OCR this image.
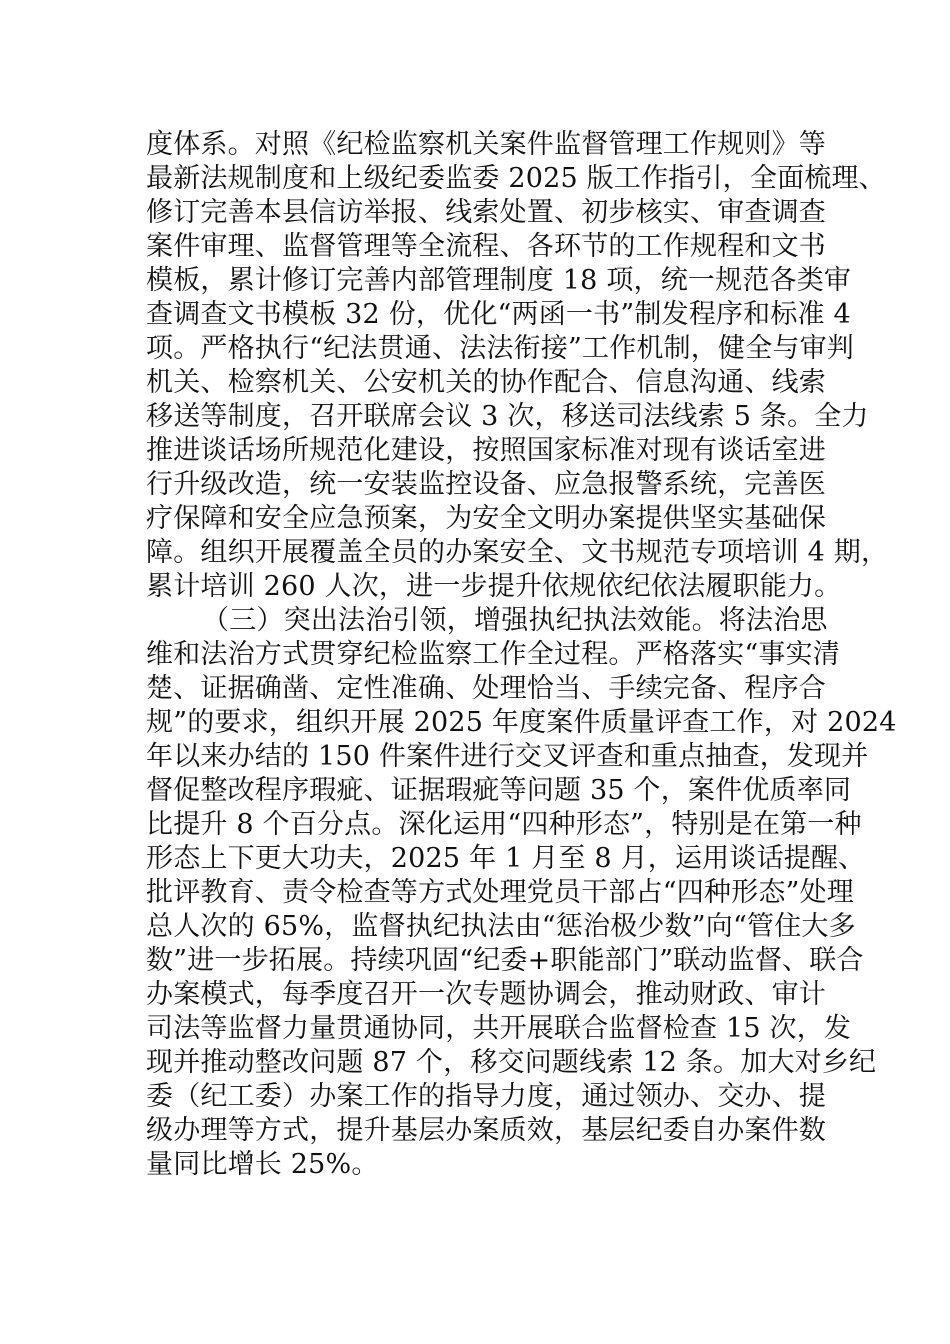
度体系。对照《纪检监察机关案件监督管理工作规则》等
最新法规制度和上级纪委监委 2025 版工作指引，全面梳理、
修订完善本县信访举报、线索处置、初步核实、审查调查
案件审理、监督管理等全流程、各环节的工作规程和文书
模板，累计修订完善内部管理制度 18 项，统一规范各类审
查调查文书模板 32 份，优化“两函一书”制发程序和标准 4
项。严格执行“纪法贯通、法法衔接”工作机制，健全与审判
机关、检察机关、公安机关的协作配合、信息沟通、线索
移送等制度，召开联席会议 3 次，移送司法线索 5 条。全力
推进谈话场所规范化建设，按照国家标准对现有谈话室进
行升级改造，统一安装监控设备、应急报警系统，完善医
疗保障和安全应急预案，为安全文明办案提供坚实基础保
障。组织开展覆盖全员的办案安全、文书规范专项培训 4 期，
累计培训 260 人次，进一步提升依规依纪依法履职能力。
（三）突出法治引领，增强执纪执法效能。将法治思
维和法治方式贯穿纪检监察工作全过程。严格落实“事实清
楚、证据确凿、定性准确、处理恰当、手续完备、程序合
规”的要求，组织开展 2025 年度案件质量评查工作，对 2024
年以来办结的 150 件案件进行交叉评查和重点抽查，发现并
督促整改程序瑕疵、证据瑕疵等问题 35 个，案件优质率同
比提升 8 个百分点。深化运用“四种形态”，特别是在第一种
形态上下更大功夫，2025 年 1 月至 8 月，运用谈话提醒、
批评教育、责令检查等方式处理党员干部占“四种形态”处理
总人次的 65%，监督执纪执法由“惩治极少数”向“管住大多
数”进一步拓展。持续巩固“纪委+职能部门”联动监督、联合
办案模式，每季度召开一次专题协调会，推动财政、审计
司法等监督力量贯通协同，共开展联合监督检查 15 次，发
现并推动整改问题 87 个，移交问题线索 12 条。加大对乡纪
委（纪工委）办案工作的指导力度，通过领办、交办、提
级办理等方式，提升基层办案质效，基层纪委自办案件数
量同比增长 25%。
